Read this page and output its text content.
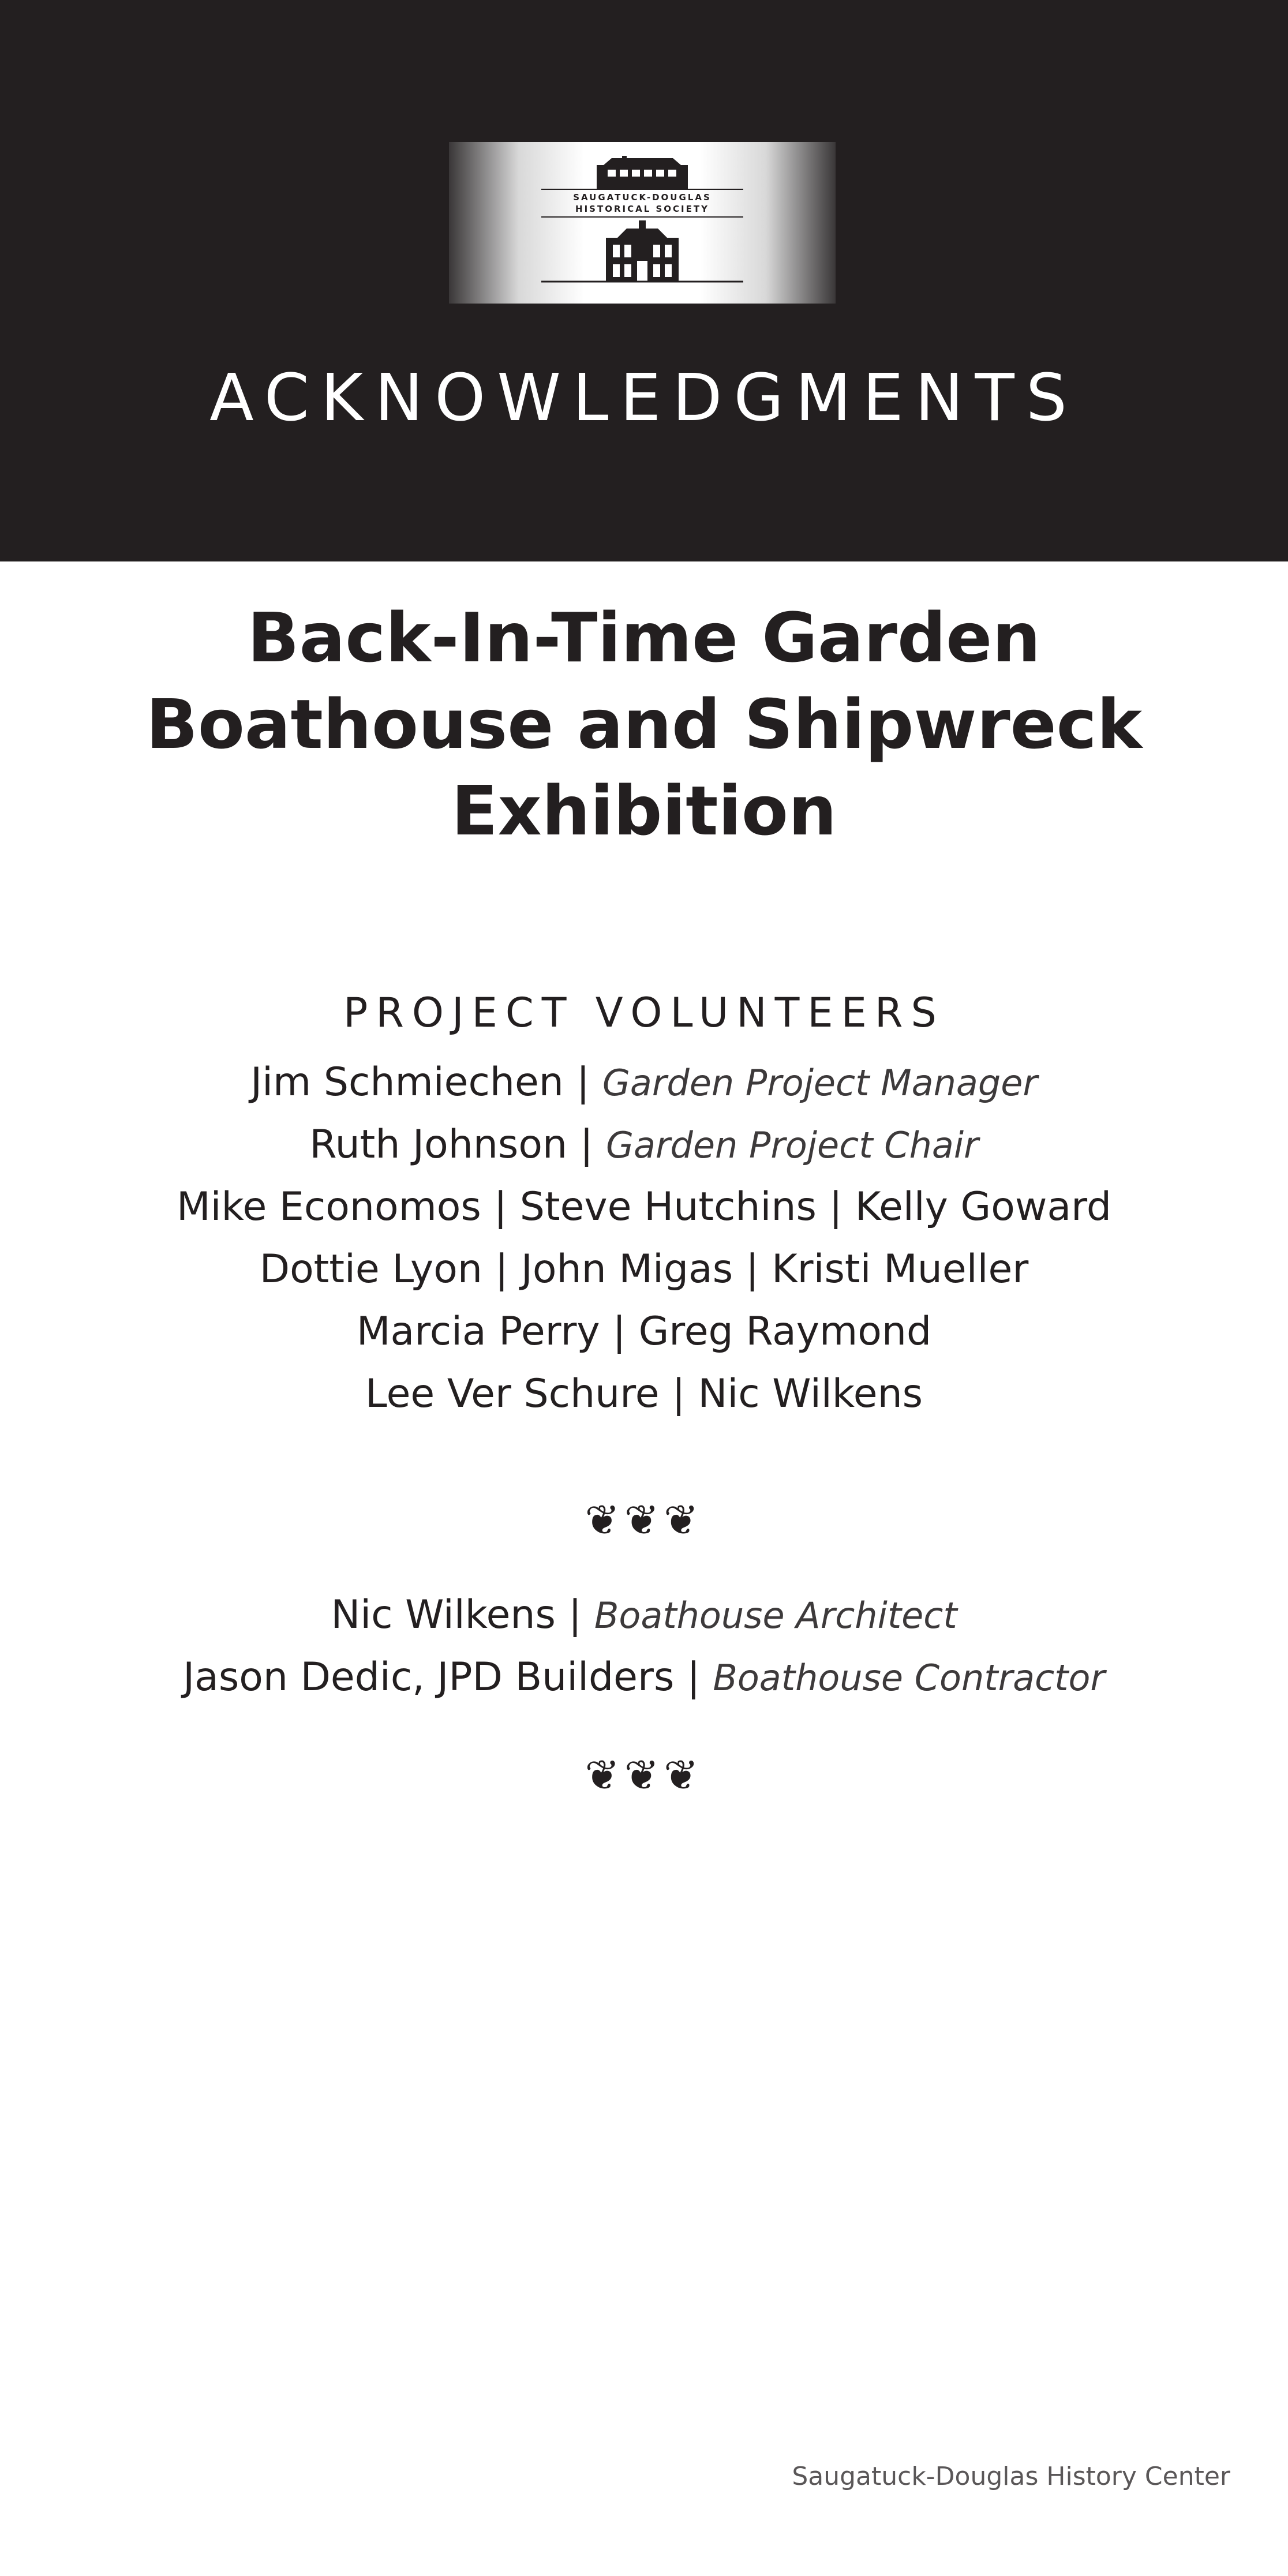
SAUGATUCK-DOUGLAS
HISTORICAL SOCIETY
ACKNOWLEDGMENTS
Back-In-Time Garden
Boathouse and Shipwreck
Exhibition
PROJECT VOLUNTEERS
Jim Schmiechen | Garden Project Manager
Ruth Johnson | Garden Project Chair
Mike Economos | Steve Hutchins | Kelly Goward
Dottie Lyon | John Migas | Kristi Mueller
Marcia Perry | Greg Raymond
Lee Ver Schure | Nic Wilkens
❦❦❦
Nic Wilkens | Boathouse Architect
Jason Dedic, JPD Builders | Boathouse Contractor
❦❦❦
Saugatuck-Douglas History Center
